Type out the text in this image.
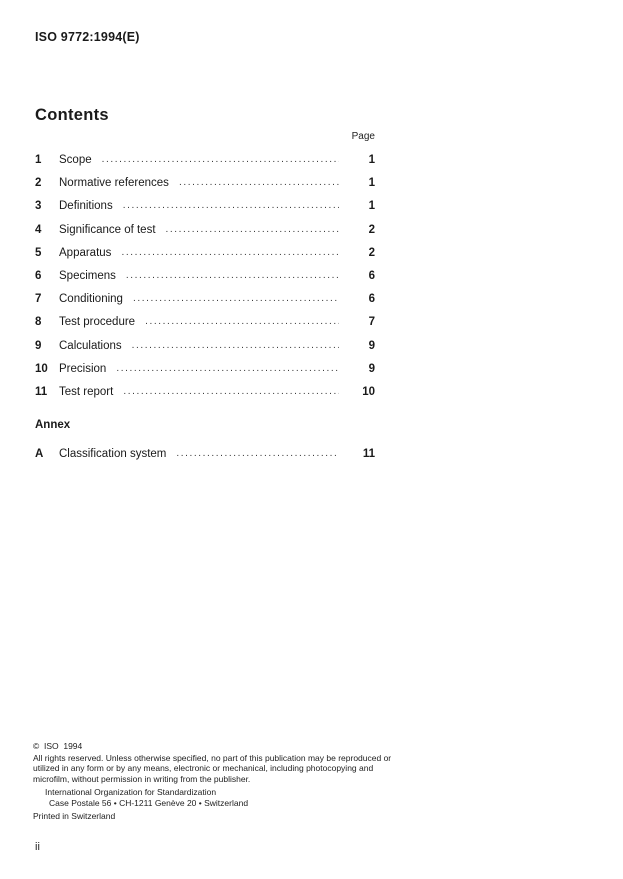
ISO 9772:1994(E)
Contents
Page
1	Scope .....	1
2	Normative references .....	1
3	Definitions .....	1
4	Significance of test .....	2
5	Apparatus .....	2
6	Specimens .....	6
7	Conditioning .....	6
8	Test procedure .....	7
9	Calculations .....	9
10 Precision .....	9
11	Test report .....	10
Annex
A	Classification system .....	11
©  ISO  1994
All rights reserved. Unless otherwise specified, no part of this publication may be reproduced or utilized in any form or by any means, electronic or mechanical, including photocopying and microfilm, without permission in writing from the publisher.
International Organization for Standardization
Case Postale 56 • CH-1211 Genève 20 • Switzerland
Printed in Switzerland
ii
